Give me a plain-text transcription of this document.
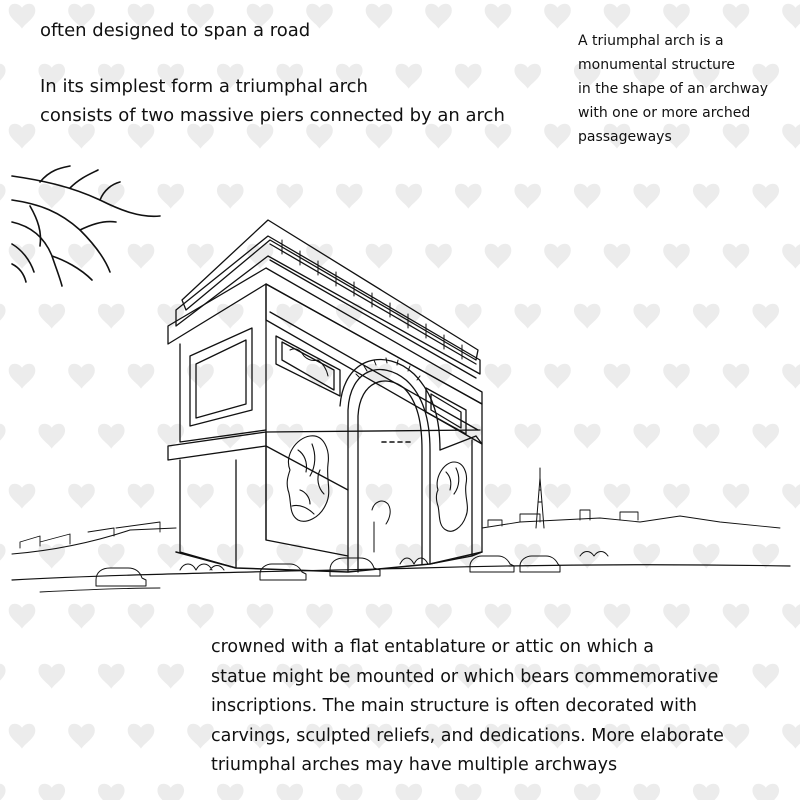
often designed to span a road

In its simplest form a triumphal arch
consists of two massive piers connected by an arch

A triumphal arch is a
monumental structure
in the shape of an archway
with one or more arched
passageways

crowned with a flat entablature or attic on which a
statue might be mounted or which bears commemorative
inscriptions. The main structure is often decorated with
carvings, sculpted reliefs, and dedications. More elaborate
triumphal arches may have multiple archways
